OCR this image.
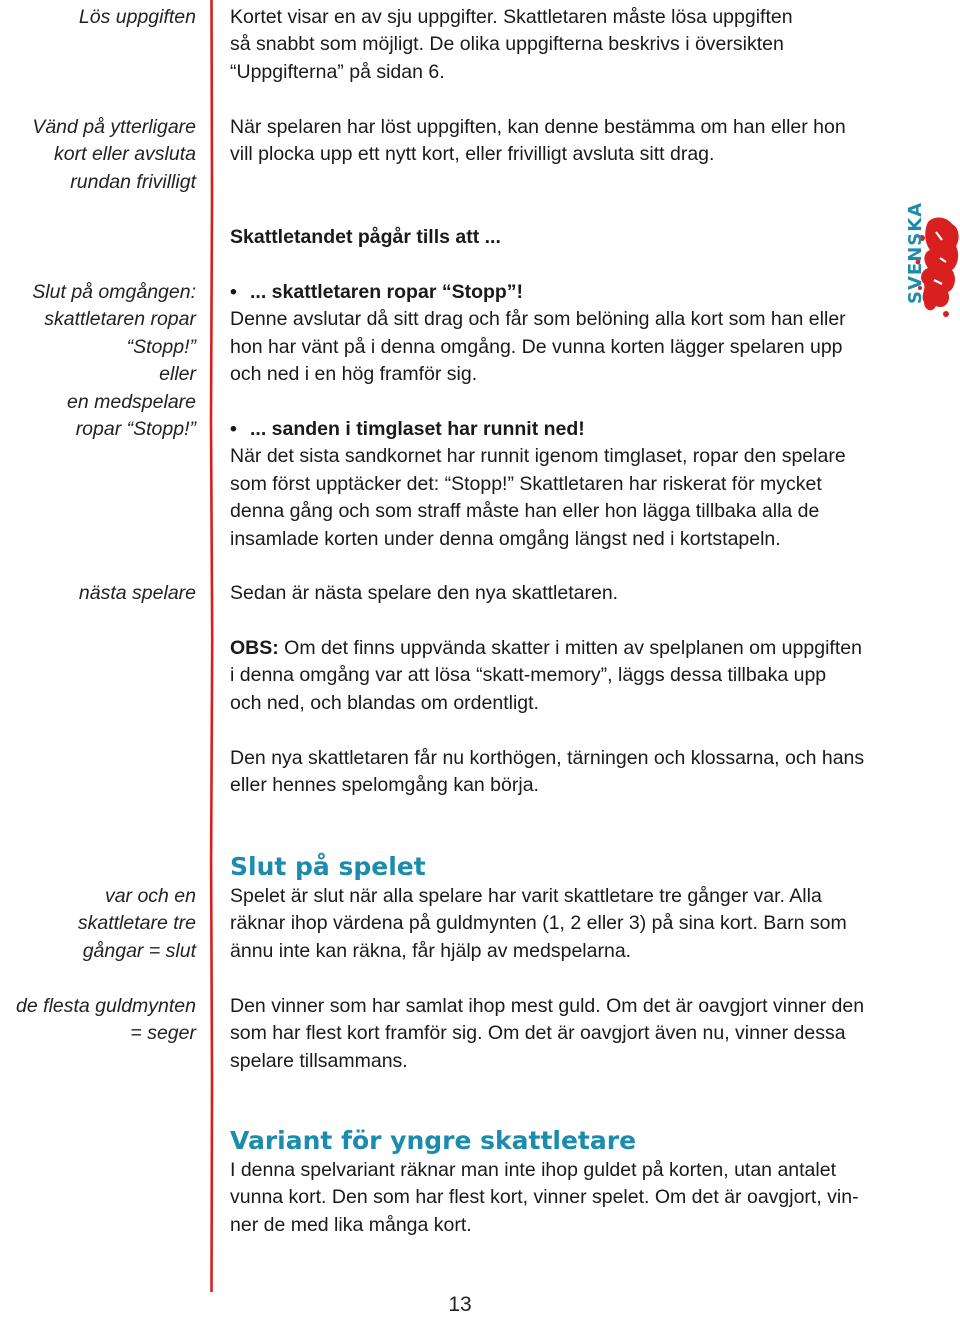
SVENSKA
Lös uppgiften
Vänd på ytterligare
kort eller avsluta
rundan frivilligt
Slut på omgången:
skattletaren ropar
“Stopp!”
eller
en medspelare
ropar “Stopp!”
nästa spelare
var och en
skattletare tre
gångar = slut
de flesta guldmynten
= seger
Kortet visar en av sju uppgifter. Skattletaren måste lösa uppgiften
så snabbt som möjligt. De olika uppgifterna beskrivs i översikten
“Uppgifterna” på sidan 6.
När spelaren har löst uppgiften, kan denne bestämma om han eller hon
vill plocka upp ett nytt kort, eller frivilligt avsluta sitt drag.
Skattletandet pågår tills att ...
• ... skattletaren ropar “Stopp”!
Denne avslutar då sitt drag och får som belöning alla kort som han eller
hon har vänt på i denna omgång. De vunna korten lägger spelaren upp
och ned i en hög framför sig.
• ... sanden i timglaset har runnit ned!
När det sista sandkornet har runnit igenom timglaset, ropar den spelare
som först upptäcker det: “Stopp!” Skattletaren har riskerat för mycket
denna gång och som straff måste han eller hon lägga tillbaka alla de
insamlade korten under denna omgång längst ned i kortstapeln.
Sedan är nästa spelare den nya skattletaren.
OBS: Om det finns uppvända skatter i mitten av spelplanen om uppgiften
i denna omgång var att lösa “skatt-memory”, läggs dessa tillbaka upp
och ned, och blandas om ordentligt.
Den nya skattletaren får nu korthögen, tärningen och klossarna, och hans
eller hennes spelomgång kan börja.
Slut på spelet
Spelet är slut när alla spelare har varit skattletare tre gånger var. Alla
räknar ihop värdena på guldmynten (1, 2 eller 3) på sina kort. Barn som
ännu inte kan räkna, får hjälp av medspelarna.
Den vinner som har samlat ihop mest guld. Om det är oavgjort vinner den
som har flest kort framför sig. Om det är oavgjort även nu, vinner dessa
spelare tillsammans.
Variant för yngre skattletare
I denna spelvariant räknar man inte ihop guldet på korten, utan antalet
vunna kort. Den som har flest kort, vinner spelet. Om det är oavgjort, vin-
ner de med lika många kort.
13
